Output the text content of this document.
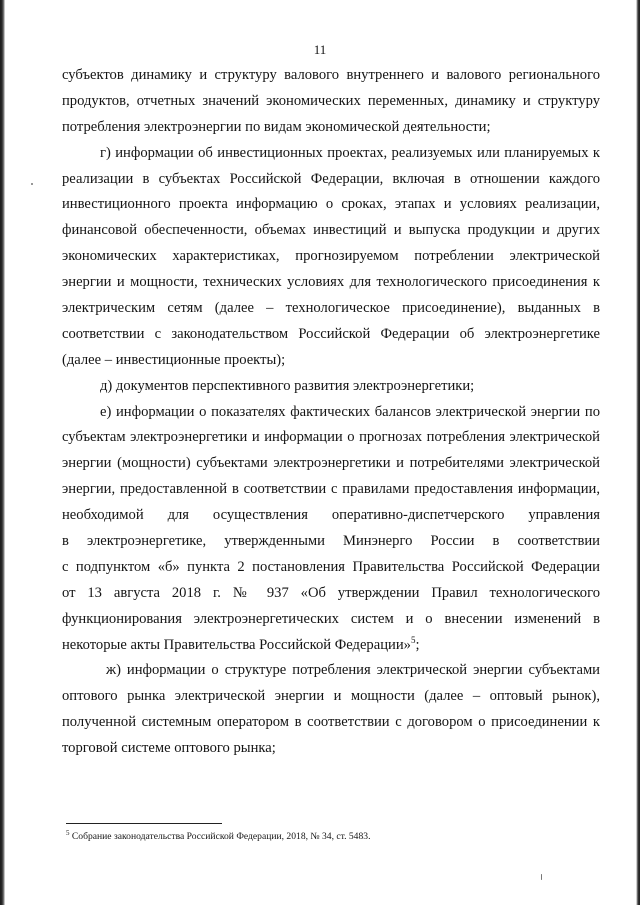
11
субъектов динамику и структуру валового внутреннего и валового регионального
продуктов, отчетных значений экономических переменных, динамику и структуру
потребления электроэнергии по видам экономической деятельности;
г) информации об инвестиционных проектах, реализуемых или планируемых к
реализации в субъектах Российской Федерации, включая в отношении каждого
инвестиционного проекта информацию о сроках, этапах и условиях реализации,
финансовой обеспеченности, объемах инвестиций и выпуска продукции и других
экономических характеристиках, прогнозируемом потреблении электрической
энергии и мощности, технических условиях для технологического присоединения к
электрическим сетям (далее – технологическое присоединение), выданных в
соответствии с законодательством Российской Федерации об электроэнергетике
(далее – инвестиционные проекты);
д) документов перспективного развития электроэнергетики;
е) информации о показателях фактических балансов электрической энергии по
субъектам электроэнергетики и информации о прогнозах потребления электрической
энергии (мощности) субъектами электроэнергетики и потребителями электрической
энергии, предоставленной в соответствии с правилами предоставления информации,
необходимой для осуществления оперативно-диспетчерского управления
в электроэнергетике, утвержденными Минэнерго России в соответствии
с подпунктом «б» пункта 2 постановления Правительства Российской Федерации
от 13 августа 2018 г. № 937 «Об утверждении Правил технологического
функционирования электроэнергетических систем и о внесении изменений в
некоторые акты Правительства Российской Федерации»$^5$;
ж) информации о структуре потребления электрической энергии субъектами
оптового рынка электрической энергии и мощности (далее – оптовый рынок),
полученной системным оператором в соответствии с договором о присоединении к
торговой системе оптового рынка;
$^5$ Собрание законодательства Российской Федерации, 2018, № 34, ст. 5483.
